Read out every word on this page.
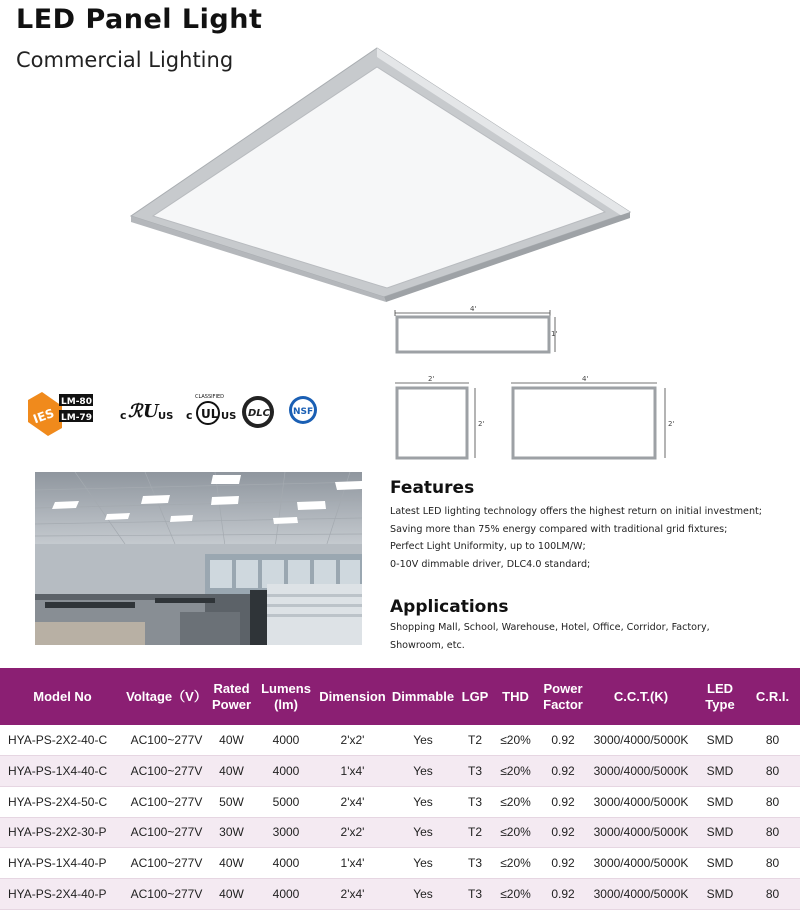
LED Panel Light
Commercial Lighting
4'
1'
2'
2'
4'
2'
IES
LM-80
LM-79	c ℛ U US c UL
CLASSIFIED
US DLC	NSF
Features
Latest LED lighting technology offers the highest return on initial investment;
Saving more than 75% energy compared with traditional grid fixtures;
Perfect Light Uniformity, up to 100LM/W;
0-10V dimmable driver, DLC4.0 standard;
Applications

Shopping Mall, School, Warehouse, Hotel, Office, Corridor, Factory, Showroom, etc.

Model No	Voltage（V）	Rated Power	Lumens (lm)	Dimension	Dimmable	LGP	THD	Power Factor	C.C.T.(K)	LED Type	C.R.I.
HYA-PS-2X2-40-C	AC100~277V	40W	4000	2'x2'	Yes	T2	≤20%	0.92	3000/4000/5000K	SMD	80
HYA-PS-1X4-40-C	AC100~277V	40W	4000	1'x4'	Yes	T3	≤20%	0.92	3000/4000/5000K	SMD	80
HYA-PS-2X4-50-C	AC100~277V	50W	5000	2'x4'	Yes	T3	≤20%	0.92	3000/4000/5000K	SMD	80
HYA-PS-2X2-30-P	AC100~277V	30W	3000	2'x2'	Yes	T2	≤20%	0.92	3000/4000/5000K	SMD	80
HYA-PS-1X4-40-P	AC100~277V	40W	4000	1'x4'	Yes	T3	≤20%	0.92	3000/4000/5000K	SMD	80
HYA-PS-2X4-40-P	AC100~277V	40W	4000	2'x4'	Yes	T3	≤20%	0.92	3000/4000/5000K	SMD	80
